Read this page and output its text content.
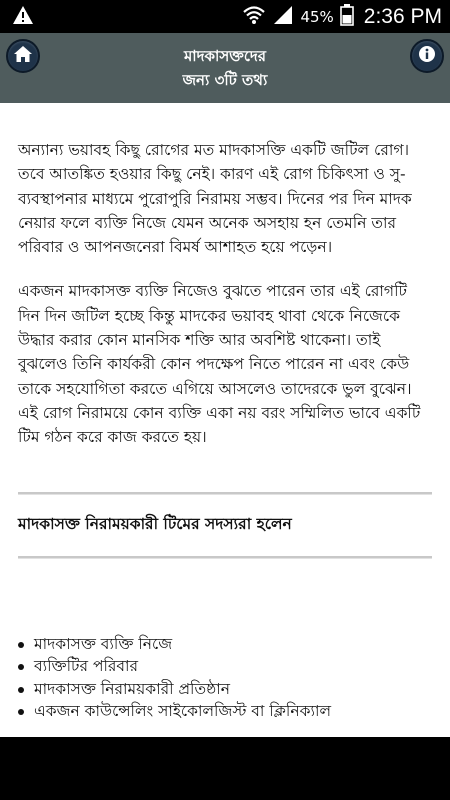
45% 2:36 PM
মাদকাসক্তদের
জন্য ৩টি তথ্য

অন্যান্য ভয়াবহ কিছু রোগের মত মাদকাসক্তি একটি জটিল রোগ। তবে আতঙ্কিত হওয়ার কিছু নেই। কারণ এই রোগ চিকিৎসা ও সু-ব্যবস্থাপনার মাধ্যমে পুরোপুরি নিরাময় সম্ভব। দিনের পর দিন মাদক নেয়ার ফলে ব্যক্তি নিজে যেমন অনেক অসহায় হন তেমনি তার পরিবার ও আপনজনেরা বিমর্ষ আশাহত হয়ে পড়েন।

একজন মাদকাসক্ত ব্যক্তি নিজেও বুঝতে পারেন তার এই রোগটি দিন দিন জটিল হচ্ছে কিন্তু মাদকের ভয়াবহ থাবা থেকে নিজেকে উদ্ধার করার কোন মানসিক শক্তি আর অবশিষ্ট থাকেনা। তাই বুঝলেও তিনি কার্যকরী কোন পদক্ষেপ নিতে পারেন না এবং কেউ তাকে সহযোগিতা করতে এগিয়ে আসলেও তাদেরকে ভুল বুঝেন। এই রোগ নিরাময়ে কোন ব্যক্তি একা নয় বরং সম্মিলিত ভাবে একটি টিম গঠন করে কাজ করতে হয়।

মাদকাসক্ত নিরাময়কারী টিমের সদস্যরা হলেন
মাদকাসক্ত ব্যক্তি নিজে
ব্যক্তিটির পরিবার
মাদকাসক্ত নিরাময়কারী প্রতিষ্ঠান
একজন কাউন্সেলিং সাইকোলজিস্ট বা ক্লিনিক্যাল
